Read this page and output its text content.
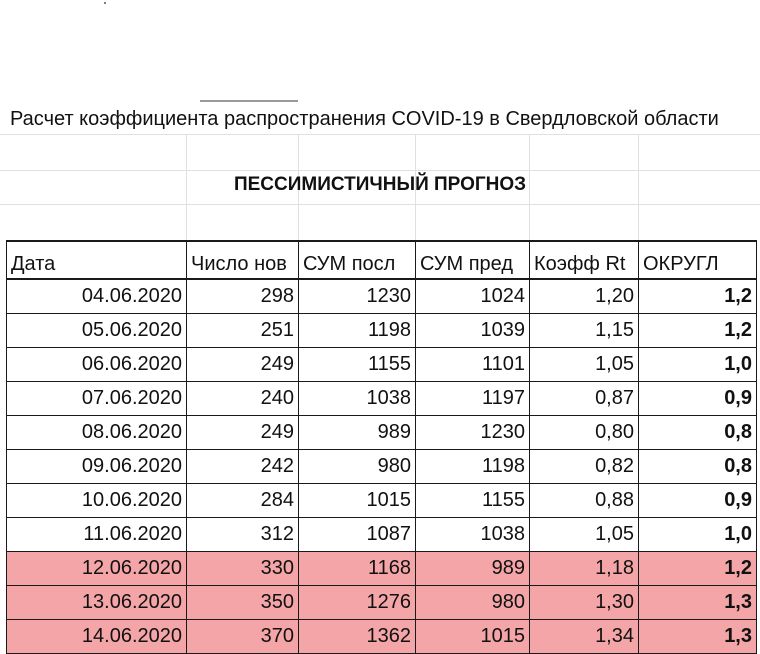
Расчет коэффициента распространения COVID-19 в Свердловской области
ПЕССИМИСТИЧНЫЙ ПРОГНОЗ
Дата	Число нов	СУМ посл	СУМ пред	Коэфф Rt	ОКРУГЛ
04.06.2020	298	1230	1024	1,20	1,2
05.06.2020	251	1198	1039	1,15	1,2
06.06.2020	249	1155	1101	1,05	1,0
07.06.2020	240	1038	1197	0,87	0,9
08.06.2020	249	989	1230	0,80	0,8
09.06.2020	242	980	1198	0,82	0,8
10.06.2020	284	1015	1155	0,88	0,9
11.06.2020	312	1087	1038	1,05	1,0
12.06.2020	330	1168	989	1,18	1,2
13.06.2020	350	1276	980	1,30	1,3
14.06.2020	370	1362	1015	1,34	1,3
